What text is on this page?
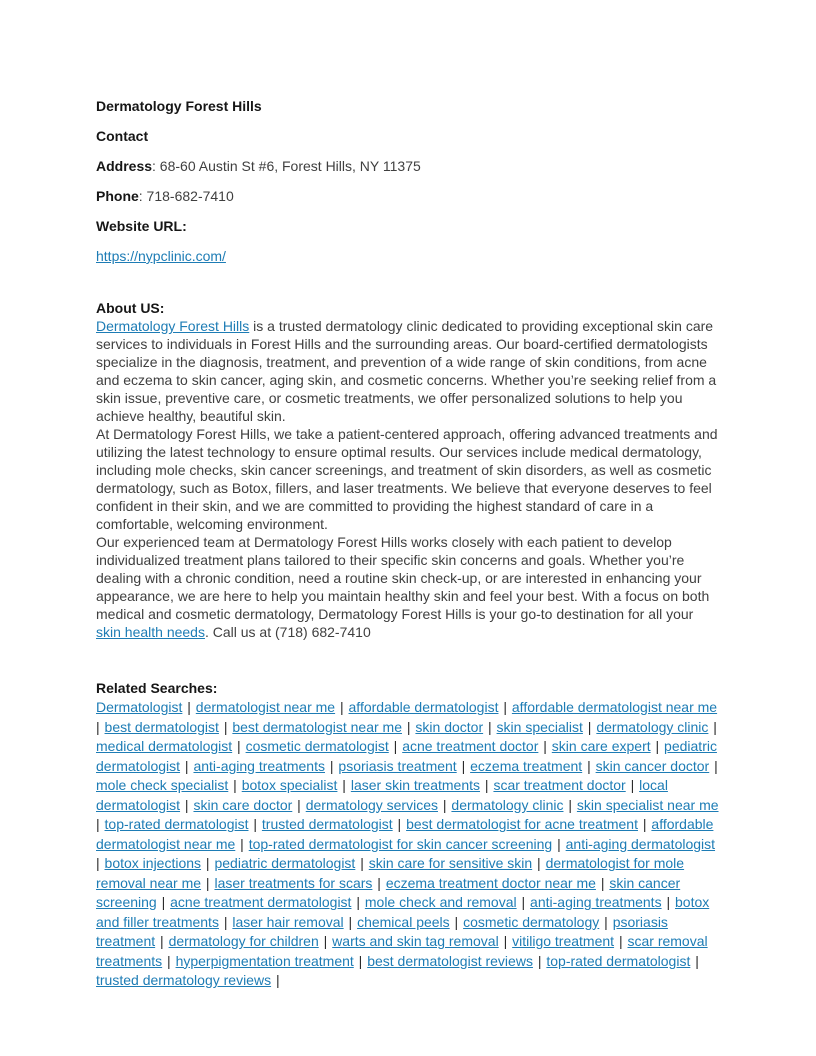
Dermatology Forest Hills

Contact

Address: 68-60 Austin St #6, Forest Hills, NY 11375

Phone: 718-682-7410

Website URL:

https://nypclinic.com/

About US:

Dermatology Forest Hills is a trusted dermatology clinic dedicated to providing exceptional skin care services to individuals in Forest Hills and the surrounding areas. Our board-certified dermatologists specialize in the diagnosis, treatment, and prevention of a wide range of skin conditions, from acne and eczema to skin cancer, aging skin, and cosmetic concerns. Whether you’re seeking relief from a skin issue, preventive care, or cosmetic treatments, we offer personalized solutions to help you achieve healthy, beautiful skin.

At Dermatology Forest Hills, we take a patient-centered approach, offering advanced treatments and utilizing the latest technology to ensure optimal results. Our services include medical dermatology, including mole checks, skin cancer screenings, and treatment of skin disorders, as well as cosmetic dermatology, such as Botox, fillers, and laser treatments. We believe that everyone deserves to feel confident in their skin, and we are committed to providing the highest standard of care in a comfortable, welcoming environment.

Our experienced team at Dermatology Forest Hills works closely with each patient to develop individualized treatment plans tailored to their specific skin concerns and goals. Whether you’re dealing with a chronic condition, need a routine skin check-up, or are interested in enhancing your appearance, we are here to help you maintain healthy skin and feel your best. With a focus on both medical and cosmetic dermatology, Dermatology Forest Hills is your go-to destination for all your skin health needs. Call us at (718) 682-7410

Related Searches:

Dermatologist | dermatologist near me | affordable dermatologist | affordable dermatologist near me | best dermatologist | best dermatologist near me | skin doctor | skin specialist | dermatology clinic | medical dermatologist | cosmetic dermatologist | acne treatment doctor | skin care expert | pediatric dermatologist | anti-aging treatments | psoriasis treatment | eczema treatment | skin cancer doctor | mole check specialist | botox specialist | laser skin treatments | scar treatment doctor | local dermatologist | skin care doctor | dermatology services | dermatology clinic | skin specialist near me | top-rated dermatologist | trusted dermatologist | best dermatologist for acne treatment | affordable dermatologist near me | top-rated dermatologist for skin cancer screening | anti-aging dermatologist | botox injections | pediatric dermatologist | skin care for sensitive skin | dermatologist for mole removal near me | laser treatments for scars | eczema treatment doctor near me | skin cancer screening | acne treatment dermatologist | mole check and removal | anti-aging treatments | botox and filler treatments | laser hair removal | chemical peels | cosmetic dermatology | psoriasis treatment | dermatology for children | warts and skin tag removal | vitiligo treatment | scar removal treatments | hyperpigmentation treatment | best dermatologist reviews | top-rated dermatologist | trusted dermatology reviews |
